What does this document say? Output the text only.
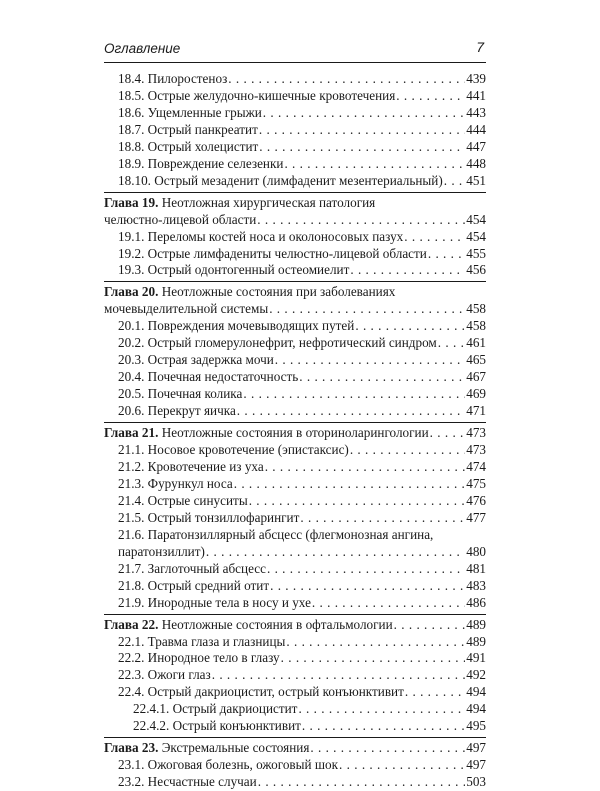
Оглавление	7
18.4. Пилоростеноз . . .	439
18.5. Острые желудочно-кишечные кровотечения . . .	441
18.6. Ущемленные грыжи . . .	443
18.7. Острый панкреатит . . .	444
18.8. Острый холецистит . . .	447
18.9. Повреждение селезенки . . .	448
18.10. Острый мезаденит (лимфаденит мезентериальный) . . . 451
Глава 19. Неотложная хирургическая патология
челюстно-лицевой области . . .	454
19.1. Переломы костей носа и околоносовых пазух . . .	454
19.2. Острые лимфадениты челюстно-лицевой области . . .	455
19.3. Острый одонтогенный остеомиелит . . .	456
Глава 20. Неотложные состояния при заболеваниях
мочевыделительной системы . . .	458
20.1. Повреждения мочевыводящих путей . . .	458
20.2. Острый гломерулонефрит, нефротический синдром . . . 461
20.3. Острая задержка мочи . . .	465
20.4. Почечная недостаточность . . .	467
20.5. Почечная колика . . .	469
20.6. Перекрут яичка . . .	471
Глава 21. Неотложные состояния в оториноларингологии . . .	473
21.1. Носовое кровотечение (эпистаксис) . . .	473
21.2. Кровотечение из уха . . .	474
21.3. Фурункул носа . . .	475
21.4. Острые синуситы . . .	476
21.5. Острый тонзиллофарингит . . .	477
21.6. Паратонзиллярный абсцесс (флегмонозная ангина,
паратонзиллит) . . .	480
21.7. Заглоточный абсцесс . . .	481
21.8. Острый средний отит . . .	483
21.9. Инородные тела в носу и ухе . . .	486
Глава 22. Неотложные состояния в офтальмологии . . .	489
22.1. Травма глаза и глазницы . . .	489
22.2. Инородное тело в глазу . . .	491
22.3. Ожоги глаз . . .	492
22.4. Острый дакриоцистит, острый конъюнктивит . . .	494
22.4.1. Острый дакриоцистит . . .	494
22.4.2. Острый конъюнктивит . . .	495
Глава 23. Экстремальные состояния . . .	497
23.1. Ожоговая болезнь, ожоговый шок . . .	497
23.2. Несчастные случаи . . .	503
